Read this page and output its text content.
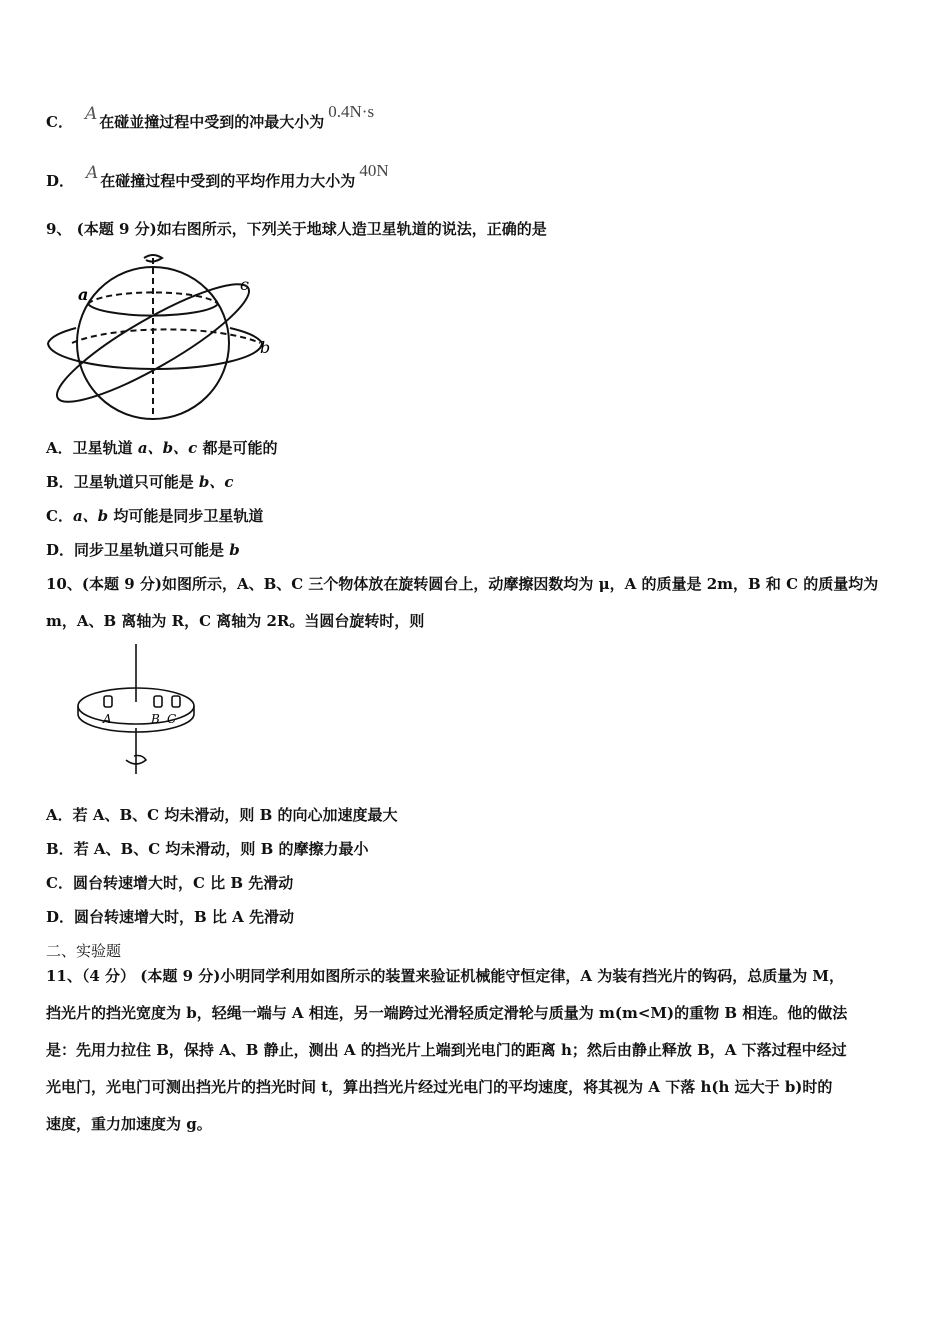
C． A 在碰並撞过程中受到的冲最大小为0.4N·s
D． A 在碰撞过程中受到的平均作用力大小为40N
9、 (本题 9 分)如右图所示，下列关于地球人造卫星轨道的说法，正确的是
a
c
b
A．卫星轨道 a、b、c 都是可能的
B．卫星轨道只可能是 b、c
C．a、b 均可能是同步卫星轨道
D．同步卫星轨道只可能是 b
10、(本题 9 分)如图所示，A、B、C 三个物体放在旋转圆台上，动摩擦因数均为 μ，A 的质量是 2m，B 和 C 的质量均为
m，A、B 离轴为 R，C 离轴为 2R。当圆台旋转时，则
A	B C
A．若 A、B、C 均未滑动，则 B 的向心加速度最大
B．若 A、B、C 均未滑动，则 B 的摩擦力最小
C．圆台转速增大时，C 比 B 先滑动
D．圆台转速增大时，B 比 A 先滑动
二、实验题
11、（4 分） (本题 9 分)小明同学利用如图所示的装置来验证机械能守恒定律，A 为装有挡光片的钩码，总质量为 M，
挡光片的挡光宽度为 b，轻绳一端与 A 相连，另一端跨过光滑轻质定滑轮与质量为 m(m<M)的重物 B 相连。他的做法
是：先用力拉住 B，保持 A、B 静止，测出 A 的挡光片上端到光电门的距离 h；然后由静止释放 B，A 下落过程中经过
光电门，光电门可测出挡光片的挡光时间 t，算出挡光片经过光电门的平均速度，将其视为 A 下落 h(h 远大于 b)时的
速度，重力加速度为 g。
